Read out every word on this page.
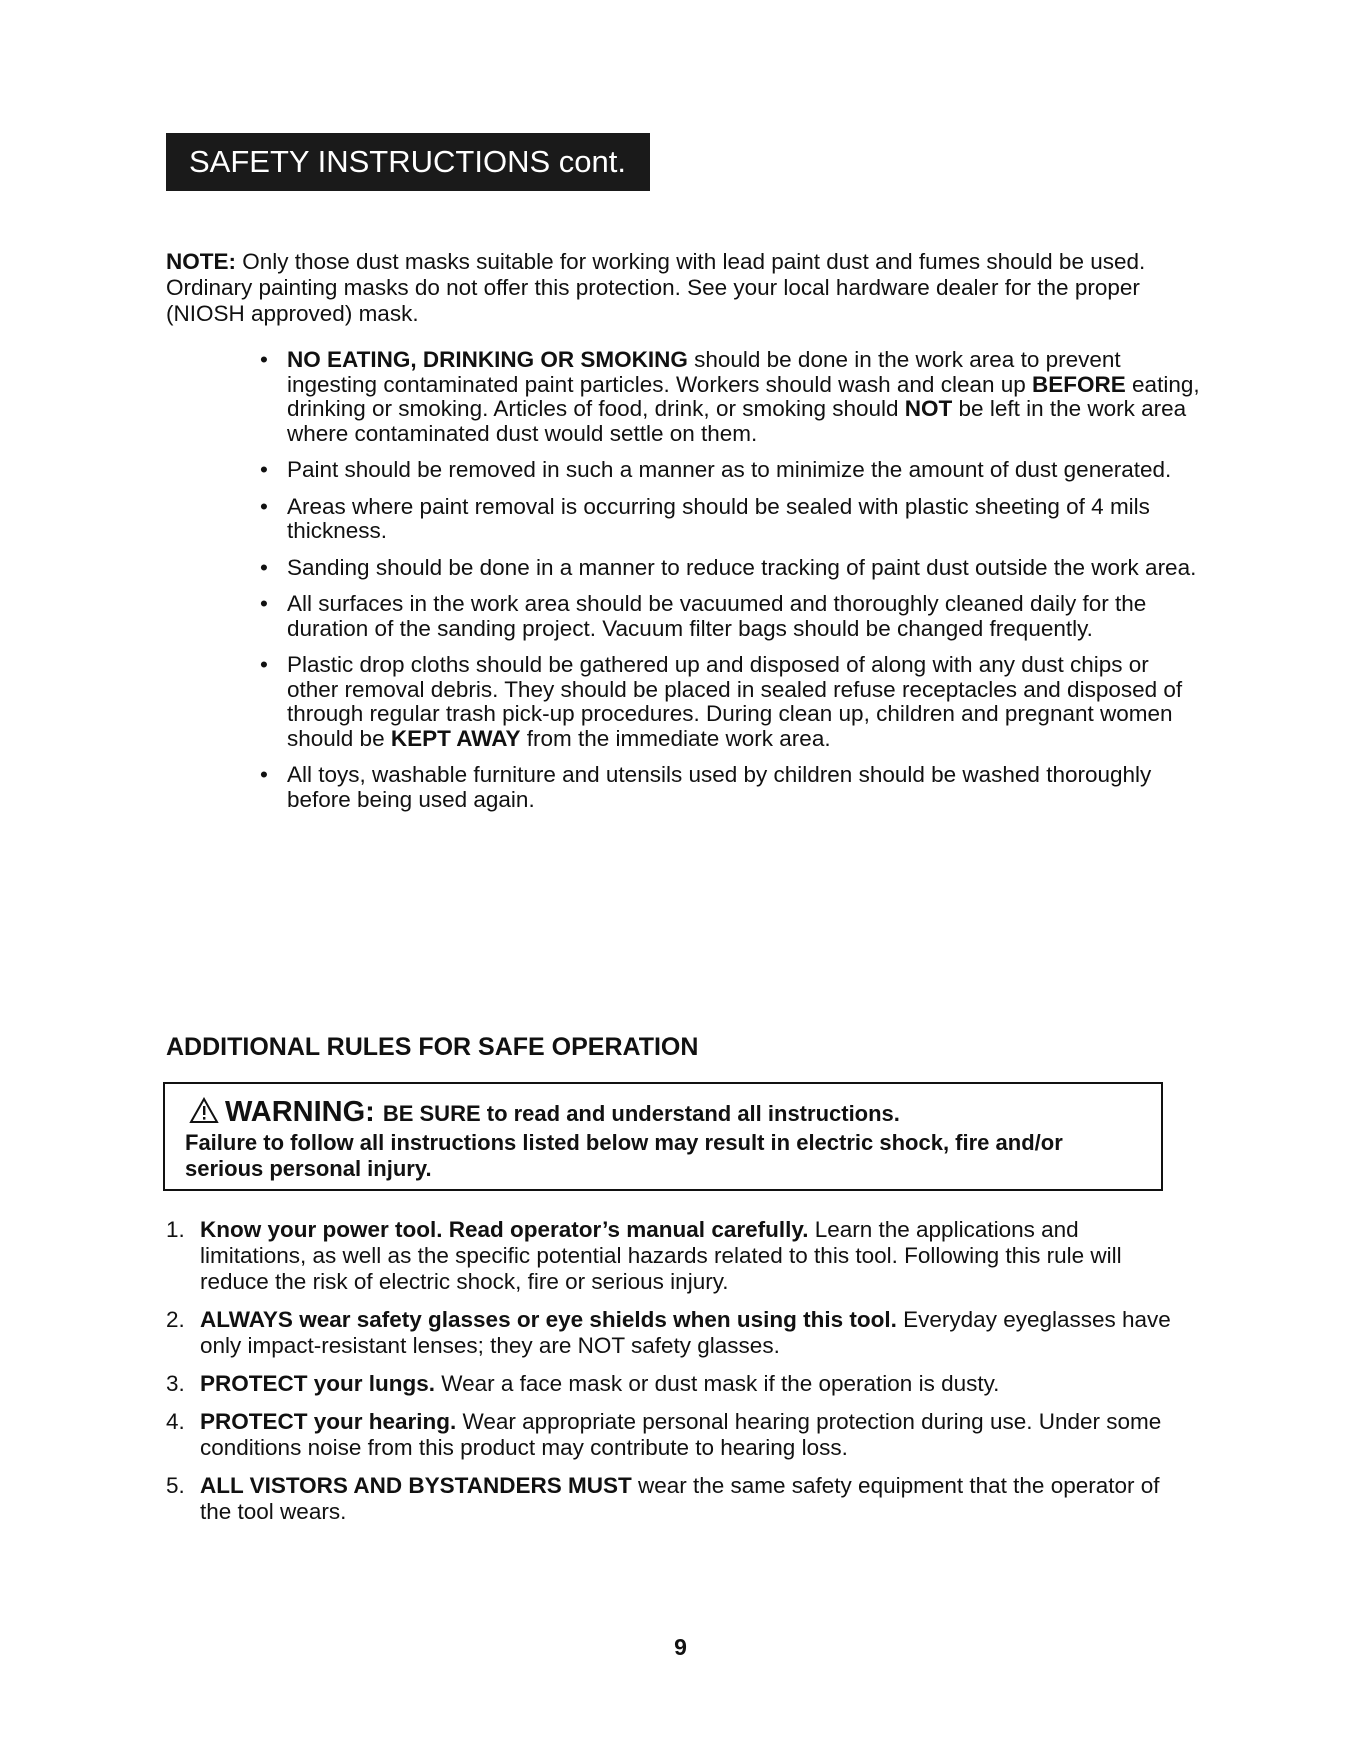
SAFETY INSTRUCTIONS cont.

NOTE: Only those dust masks suitable for working with lead paint dust and fumes should be used. Ordinary painting masks do not offer this protection. See your local hardware dealer for the proper (NIOSH approved) mask.

• NO EATING, DRINKING OR SMOKING should be done in the work area to prevent ingesting contaminated paint particles. Workers should wash and clean up BEFORE eating, drinking or smoking. Articles of food, drink, or smoking should NOT be left in the work area where contaminated dust would settle on them.
• Paint should be removed in such a manner as to minimize the amount of dust generated.
• Areas where paint removal is occurring should be sealed with plastic sheeting of 4 mils thickness.
• Sanding should be done in a manner to reduce tracking of paint dust outside the work area.
• All surfaces in the work area should be vacuumed and thoroughly cleaned daily for the duration of the sanding project. Vacuum filter bags should be changed frequently.
• Plastic drop cloths should be gathered up and disposed of along with any dust chips or other removal debris. They should be placed in sealed refuse receptacles and disposed of through regular trash pick-up procedures. During clean up, children and pregnant women should be KEPT AWAY from the immediate work area.
• All toys, washable furniture and utensils used by children should be washed thoroughly before being used again.
ADDITIONAL RULES FOR SAFE OPERATION
WARNING: BE SURE to read and understand all instructions.
Failure to follow all instructions listed below may result in electric shock, fire and/or serious personal injury.
1. Know your power tool. Read operator’s manual carefully. Learn the applications and limitations, as well as the specific potential hazards related to this tool. Following this rule will reduce the risk of electric shock, fire or serious injury.
2. ALWAYS wear safety glasses or eye shields when using this tool. Everyday eyeglasses have only impact-resistant lenses; they are NOT safety glasses.
3. PROTECT your lungs. Wear a face mask or dust mask if the operation is dusty.
4. PROTECT your hearing. Wear appropriate personal hearing protection during use. Under some conditions noise from this product may contribute to hearing loss.
5. ALL VISTORS AND BYSTANDERS MUST wear the same safety equipment that the operator of the tool wears.
9
